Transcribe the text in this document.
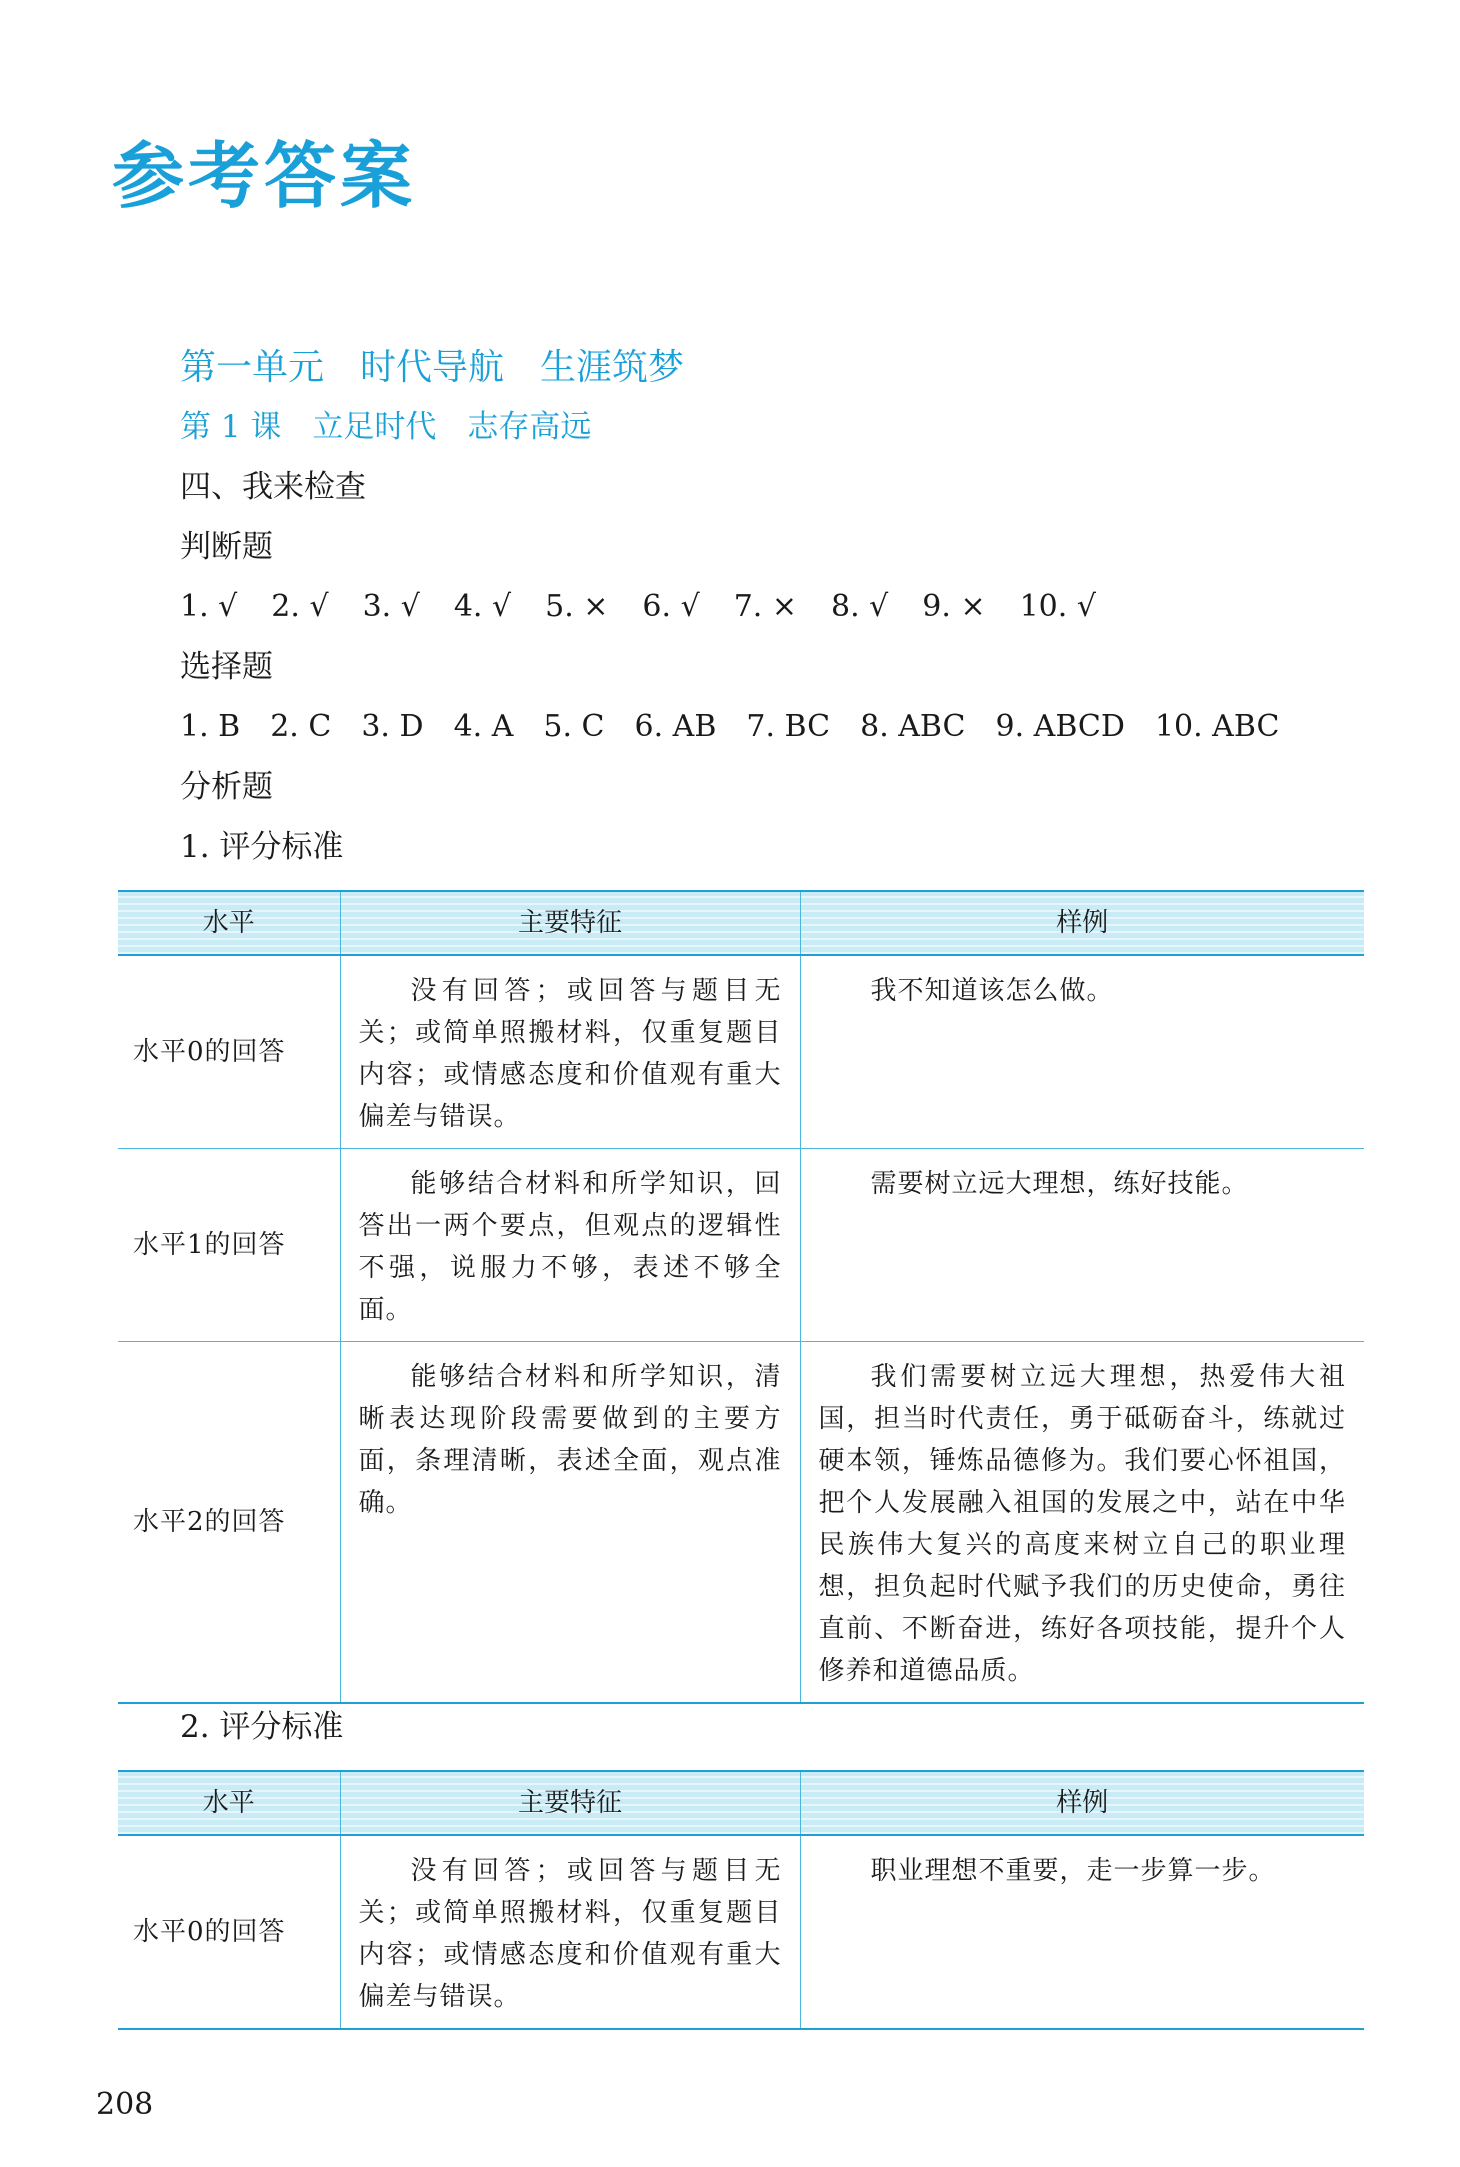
参考答案
第一单元　时代导航　生涯筑梦
第 1 课　立足时代　志存高远
四、我来检查
判断题
1. √ 2. √ 3. √ 4. √ 5. × 6. √ 7. × 8. √ 9. × 10. √
选择题
1. B 2. C 3. D 4. A 5. C 6. AB 7. BC 8. ABC 9. ABCD 10. ABC
分析题
1. 评分标准
水平	主要特征	样例
水平0的回答	没有回答；或回答与题目无关；或简单照搬材料，仅重复题目内容；或情感态度和价值观有重大偏差与错误。	我不知道该怎么做。
水平1的回答	能够结合材料和所学知识，回答出一两个要点，但观点的逻辑性不强，说服力不够，表述不够全面。	需要树立远大理想，练好技能。
水平2的回答	能够结合材料和所学知识，清晰表达现阶段需要做到的主要方面，条理清晰，表述全面，观点准确。	我们需要树立远大理想，热爱伟大祖国，担当时代责任，勇于砥砺奋斗，练就过硬本领，锤炼品德修为。我们要心怀祖国，把个人发展融入祖国的发展之中，站在中华民族伟大复兴的高度来树立自己的职业理想，担负起时代赋予我们的历史使命，勇往直前、不断奋进，练好各项技能，提升个人修养和道德品质。
2. 评分标准
水平	主要特征	样例
水平0的回答	没有回答；或回答与题目无关；或简单照搬材料，仅重复题目内容；或情感态度和价值观有重大偏差与错误。	职业理想不重要，走一步算一步。
208
